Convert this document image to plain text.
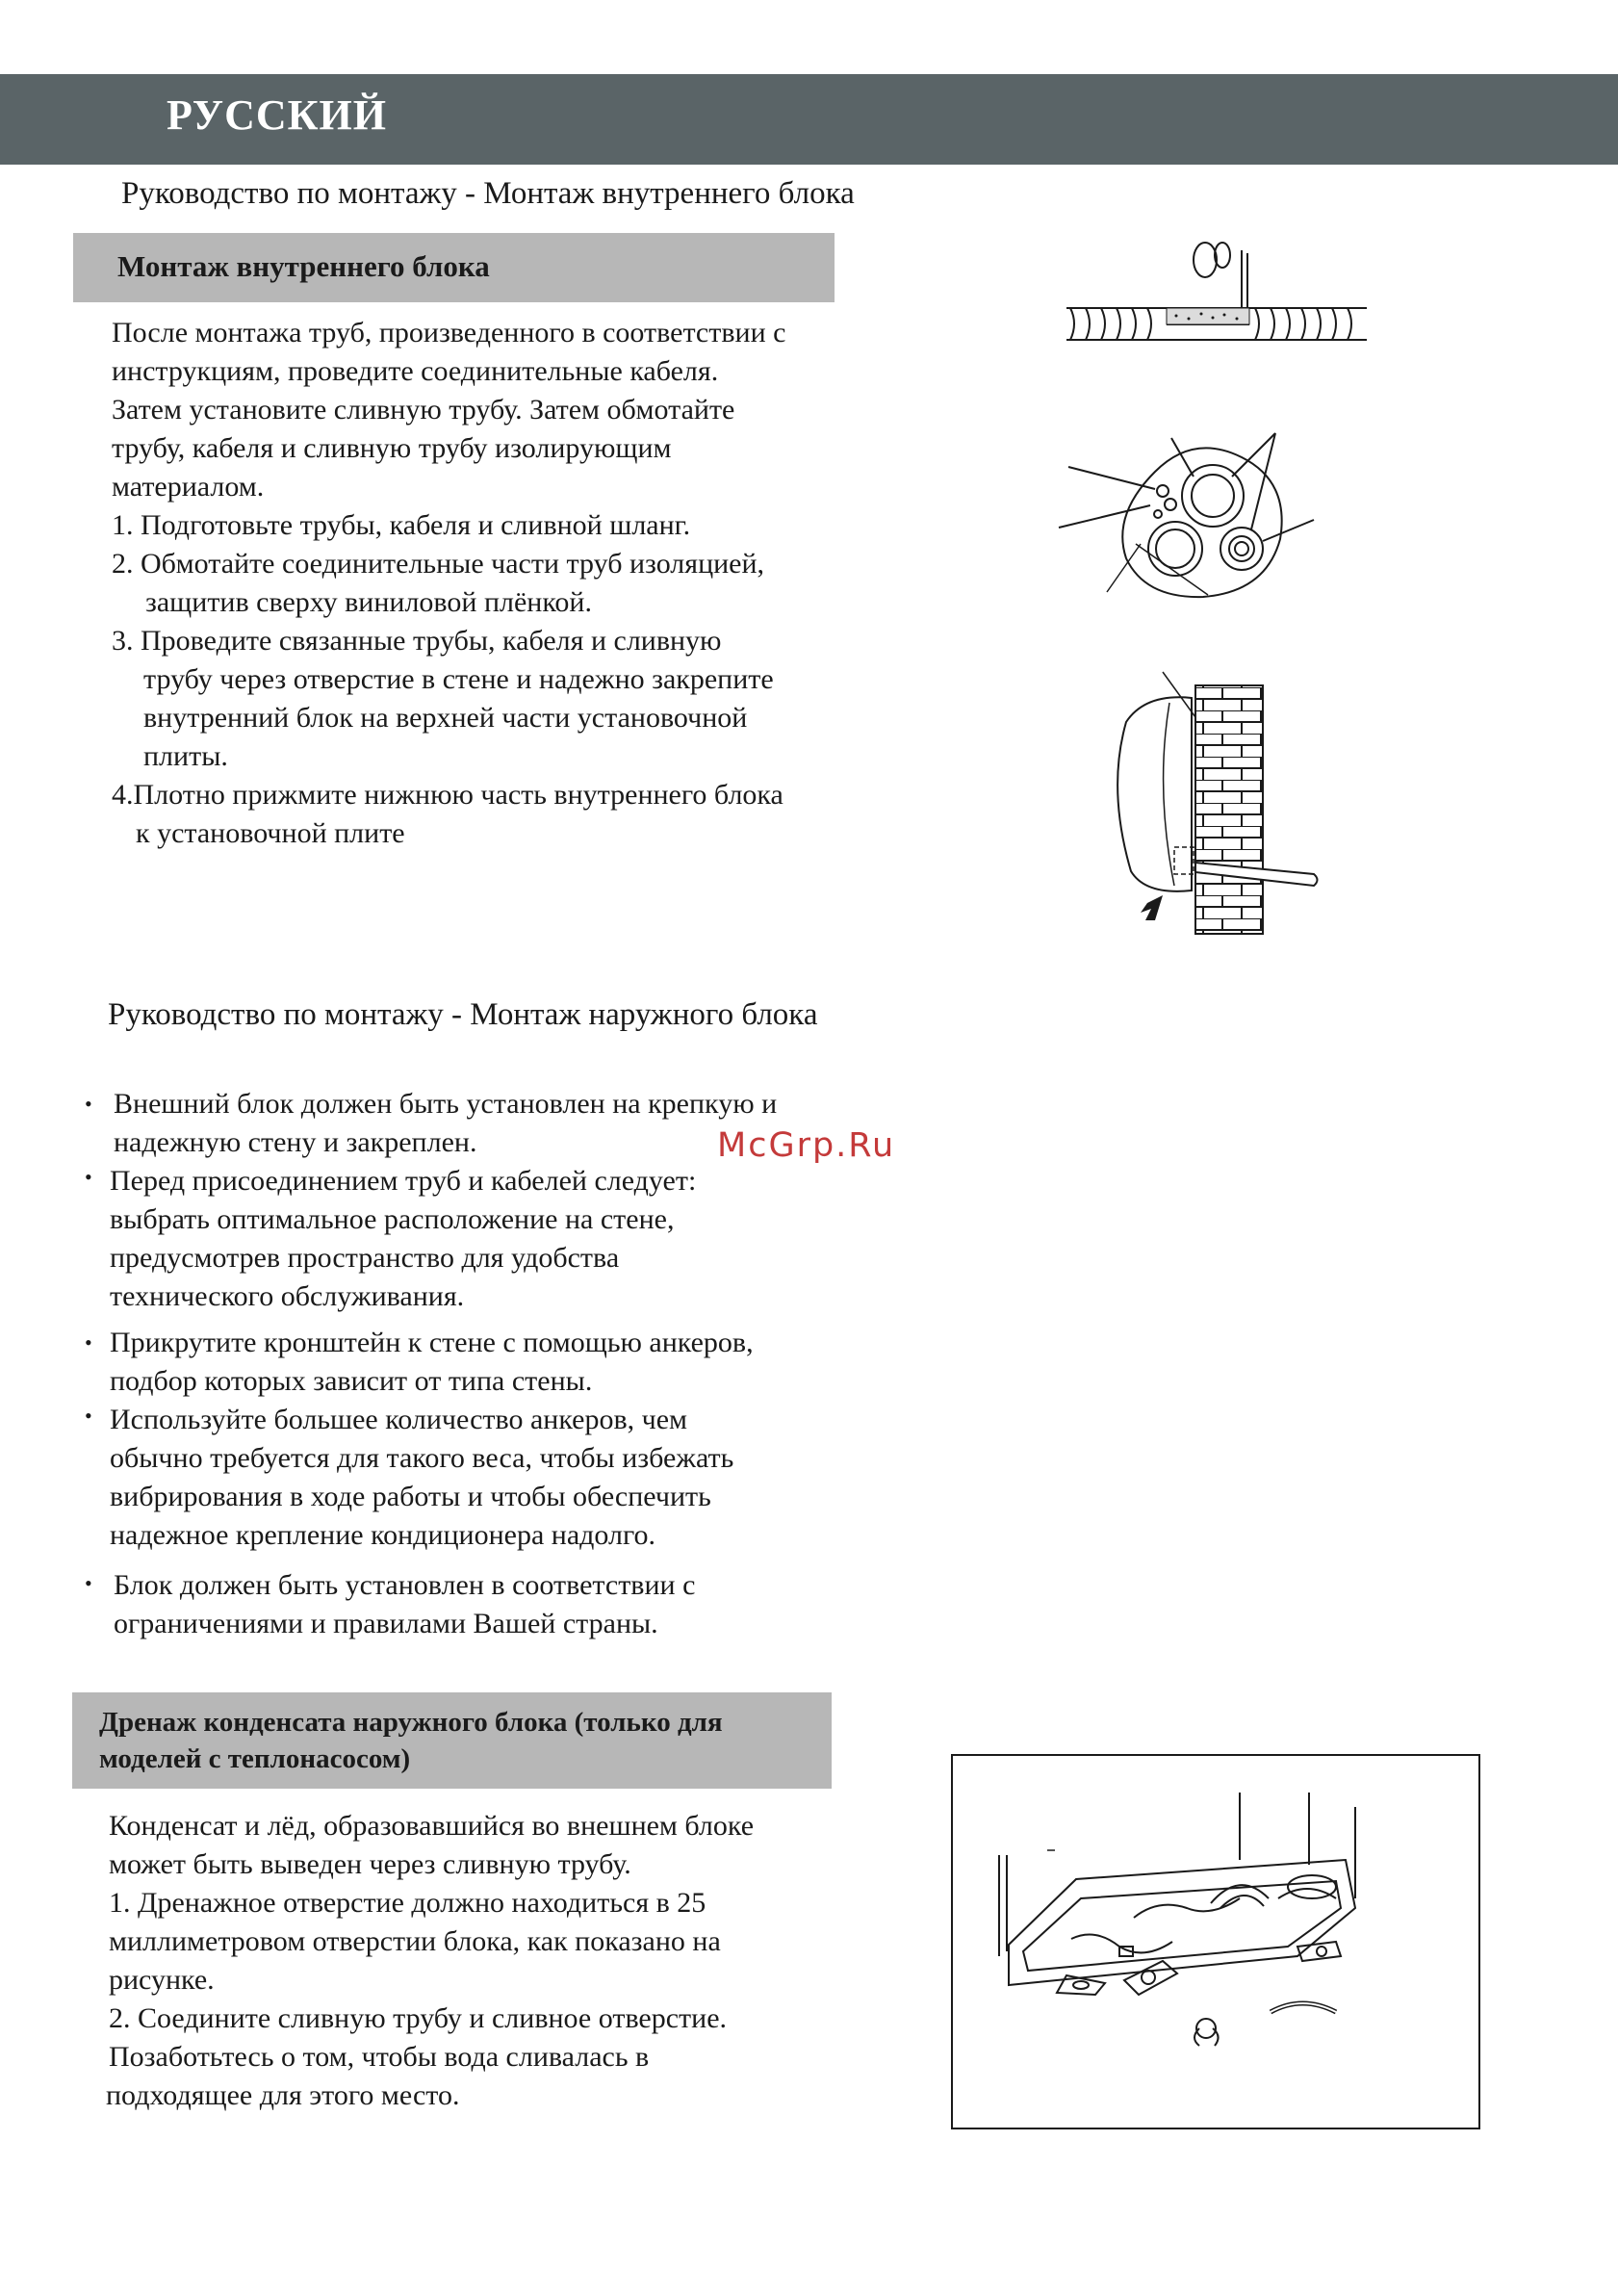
РУССКИЙ
Руководство по монтажу - Монтаж внутреннего блока
Монтаж внутреннего блока
После монтажа труб, произведенного в соответствии с
инструкциям, проведите соединительные кабеля.
Затем установите сливную трубу. Затем обмотайте
трубу, кабеля и сливную трубу изолирующим
материалом.
1. Подготовьте трубы, кабеля и сливной шланг.
2. Обмотайте соединительные части труб изоляцией,
защитив сверху виниловой плёнкой.
3. Проведите связанные трубы, кабеля и сливную
трубу через отверстие в стене и надежно закрепите
внутренний блок на верхней части установочной
плиты.
4.Плотно прижмите нижнюю часть внутреннего блока
к установочной плите
Руководство по монтажу - Монтаж наружного блока
• Внешний блок должен быть установлен на крепкую и
надежную стену и закреплен.
• Перед присоединением труб и кабелей следует:
выбрать оптимальное расположение на стене,
предусмотрев пространство для удобства
технического обслуживания.
• Прикрутите кронштейн к стене с помощью анкеров,
подбор которых зависит от типа стены.
• Используйте большее количество анкеров, чем
обычно требуется для такого веса, чтобы избежать
вибрирования в ходе работы и чтобы обеспечить
надежное крепление кондиционера надолго.
• Блок должен быть установлен в соответствии с
ограничениями и правилами Вашей страны.
McGrp.Ru
Дренаж конденсата наружного блока (только для
моделей с теплонасосом)
Конденсат и лёд, образовавшийся во внешнем блоке
может быть выведен через сливную трубу.
1. Дренажное отверстие должно находиться в 25
миллиметровом отверстии блока, как показано на
рисунке.
2. Соедините сливную трубу и сливное отверстие.
Позаботьтесь о том, чтобы вода сливалась в
подходящее для этого место.
